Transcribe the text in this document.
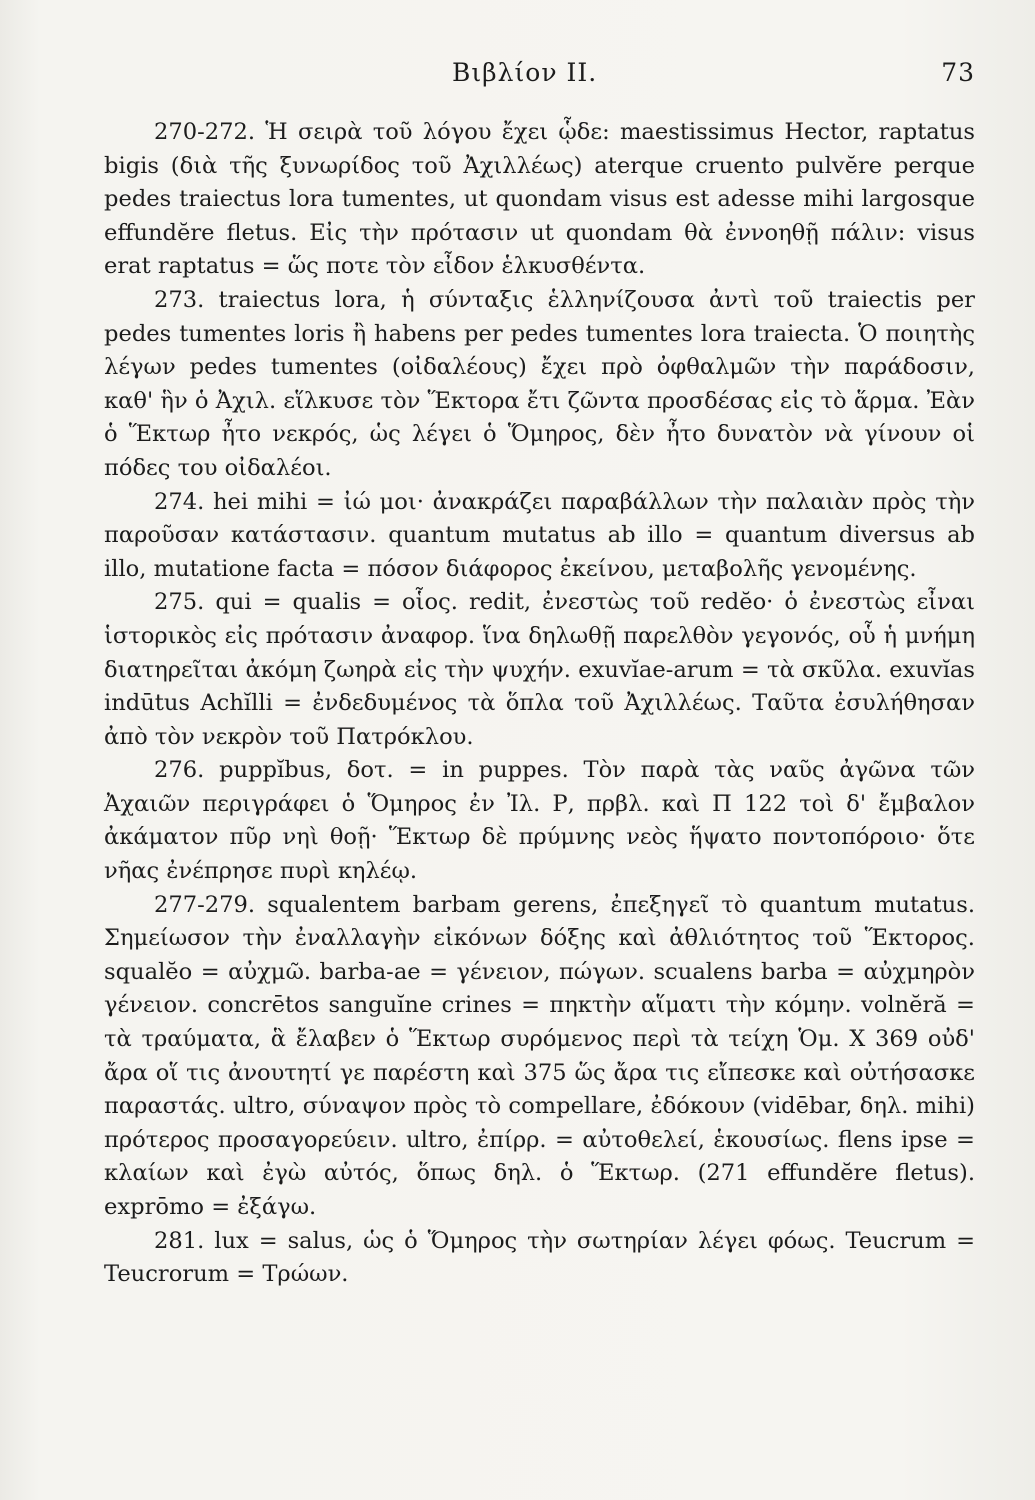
Βιβλίον II.	73

270-272. Ἡ σειρὰ τοῦ λόγου ἔχει ᾧδε: maestissimus Hector, raptatus bigis (διὰ τῆς ξυνωρίδος τοῦ Ἀχιλλέως) aterque cruento pulvĕre perque pedes traiectus lora tumentes, ut quondam visus est adesse mihi largosque effundĕre fletus. Εἰς τὴν πρότασιν ut quondam θὰ ἐννοηθῇ πάλιν: visus erat raptatus = ὥς ποτε τὸν εἶδον ἑλκυσθέντα.

273. traiectus lora, ἡ σύνταξις ἑλληνίζουσα ἀντὶ τοῦ traiectis per pedes tumentes loris ἢ habens per pedes tumentes lora traiecta. Ὁ ποιητὴς λέγων pedes tumentes (οἰδαλέους) ἔχει πρὸ ὀφθαλμῶν τὴν παράδοσιν, καθ' ἣν ὁ Ἀχιλ. εἵλκυσε τὸν Ἕκτορα ἔτι ζῶντα προσδέσας εἰς τὸ ἅρμα. Ἐὰν ὁ Ἕκτωρ ἦτο νεκρός, ὡς λέγει ὁ Ὅμηρος, δὲν ἦτο δυνατὸν νὰ γίνουν οἱ πόδες του οἰδαλέοι.

274. hei mihi = ἰώ μοι· ἀνακράζει παραβάλλων τὴν παλαιὰν πρὸς τὴν παροῦσαν κατάστασιν. quantum mutatus ab illo = quantum diversus ab illo, mutatione facta = πόσον διάφορος ἐκείνου, μεταβολῆς γενομένης.

275. qui = qualis = οἷος. redit, ἐνεστὼς τοῦ redĕo· ὁ ἐνεστὼς εἶναι ἱστορικὸς εἰς πρότασιν ἀναφορ. ἵνα δηλωθῇ παρελθὸν γεγονός, οὗ ἡ μνήμη διατηρεῖται ἀκόμη ζωηρὰ εἰς τὴν ψυχήν. exuvĭae-arum = τὰ σκῦλα. exuvĭas indūtus Achĭlli = ἐνδεδυμένος τὰ ὅπλα τοῦ Ἀχιλλέως. Ταῦτα ἐσυλήθησαν ἀπὸ τὸν νεκρὸν τοῦ Πατρόκλου.

276. puppĭbus, δοτ. = in puppes. Τὸν παρὰ τὰς ναῦς ἀγῶνα τῶν Ἀχαιῶν περιγράφει ὁ Ὅμηρος ἐν Ἰλ. Ρ, πρβλ. καὶ Π 122 τοὶ δ' ἔμβαλον ἀκάματον πῦρ νηὶ θοῇ· Ἕκτωρ δὲ πρύμνης νεὸς ἥψατο ποντοπόροιο· ὅτε νῆας ἐνέπρησε πυρὶ κηλέῳ.

277-279. squalentem barbam gerens, ἐπεξηγεῖ τὸ quantum mutatus. Σημείωσον τὴν ἐναλλαγὴν εἰκόνων δόξης καὶ ἀθλιότητος τοῦ Ἕκτορος. squalĕo = αὐχμῶ. barba-ae = γένειον, πώγων. scualens barba = αὐχμηρὸν γένειον. concrētos sanguĭne crines = πηκτὴν αἵματι τὴν κόμην. volnĕră = τὰ τραύματα, ἃ ἔλαβεν ὁ Ἕκτωρ συρόμενος περὶ τὰ τείχη Ὁμ. X 369 οὐδ' ἄρα οἵ τις ἀνουτητί γε παρέστη καὶ 375 ὥς ἄρα τις εἴπεσκε καὶ οὐτήσασκε παραστάς. ultro, σύναψον πρὸς τὸ compellare, ἐδόκουν (vidēbar, δηλ. mihi) πρότερος προσαγορεύειν. ultro, ἐπίρρ. = αὐτοθελεί, ἑκουσίως. flens ipse = κλαίων καὶ ἐγὼ αὐτός, ὅπως δηλ. ὁ Ἕκτωρ. (271 effundĕre fletus). exprōmo = ἐξάγω.

281. lux = salus, ὡς ὁ Ὅμηρος τὴν σωτηρίαν λέγει φόως. Teucrum = Teucrorum = Τρώων.
